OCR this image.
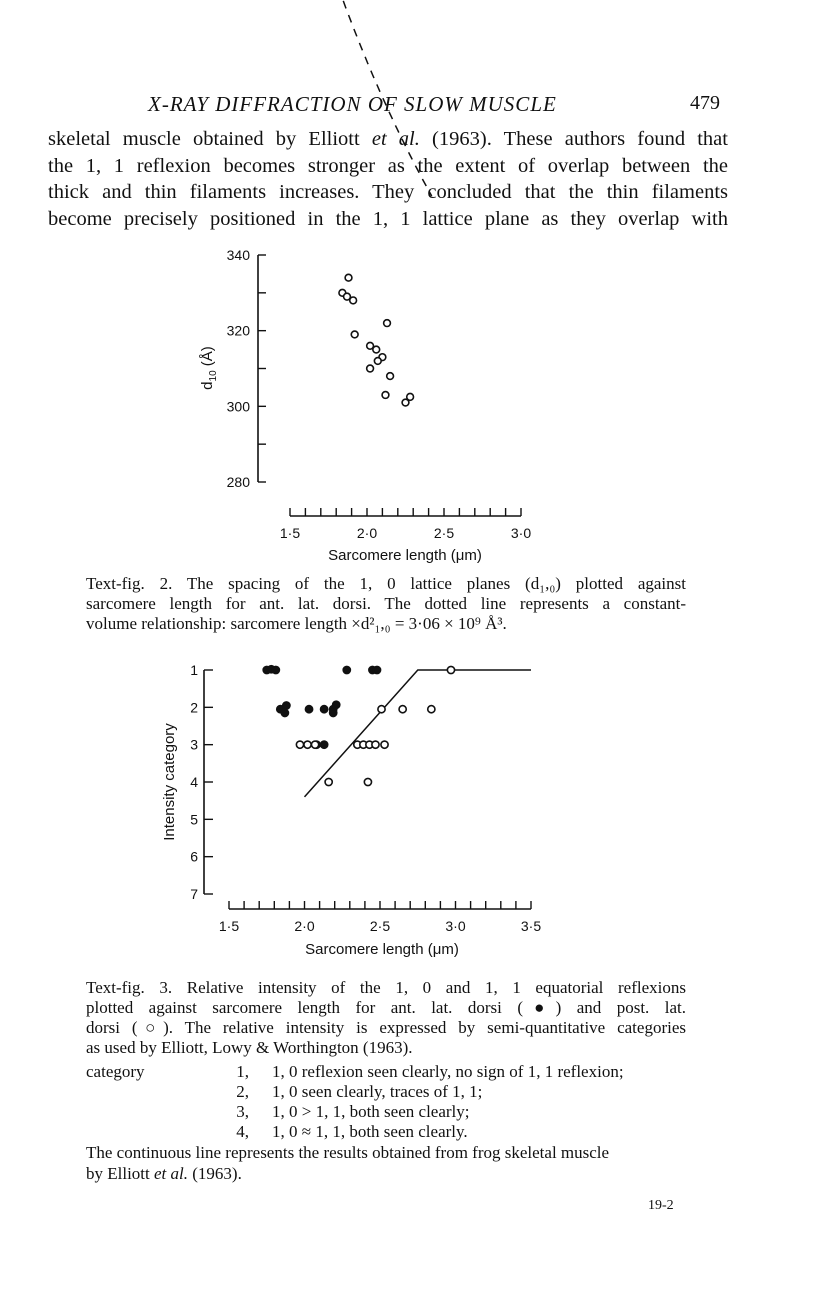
X-RAY DIFFRACTION OF SLOW MUSCLE	479

skeletal muscle obtained by Elliott et al. (1963). These authors found that
the 1, 1 reflexion becomes stronger as the extent of overlap between the
thick and thin filaments increases. They concluded that the thin filaments
become precisely positioned in the 1, 1 lattice plane as they overlap with

340
320
300
280
$d_{10}$ (Å)
1·5	2·0	2·5	3·0
Sarcomere length (μm)

Text-fig. 2. The spacing of the 1, 0 lattice planes (d₁,₀) plotted against
sarcomere length for ant. lat. dorsi. The dotted line represents a constant-
volume relationship: sarcomere length ×d²₁,₀ = 3·06 × 10⁹ Å³.

1
2
3
4
5
6
7
Intensity category
1·5	2·0	2·5	3·0	3·5
Sarcomere length (μm)

Text-fig. 3. Relative intensity of the 1, 0 and 1, 1 equatorial reflexions
plotted against sarcomere length for ant. lat. dorsi (●) and post. lat.
dorsi (○). The relative intensity is expressed by semi-quantitative categories
as used by Elliott, Lowy & Worthington (1963).

category	1, 1, 0 reflexion seen clearly, no sign of 1, 1 reflexion;
2, 1, 0 seen clearly, traces of 1, 1;
3, 1, 0 > 1, 1, both seen clearly;
4, 1, 0 ≈ 1, 1, both seen clearly.

The continuous line represents the results obtained from frog skeletal muscle
by Elliott et al. (1963).

19-2
